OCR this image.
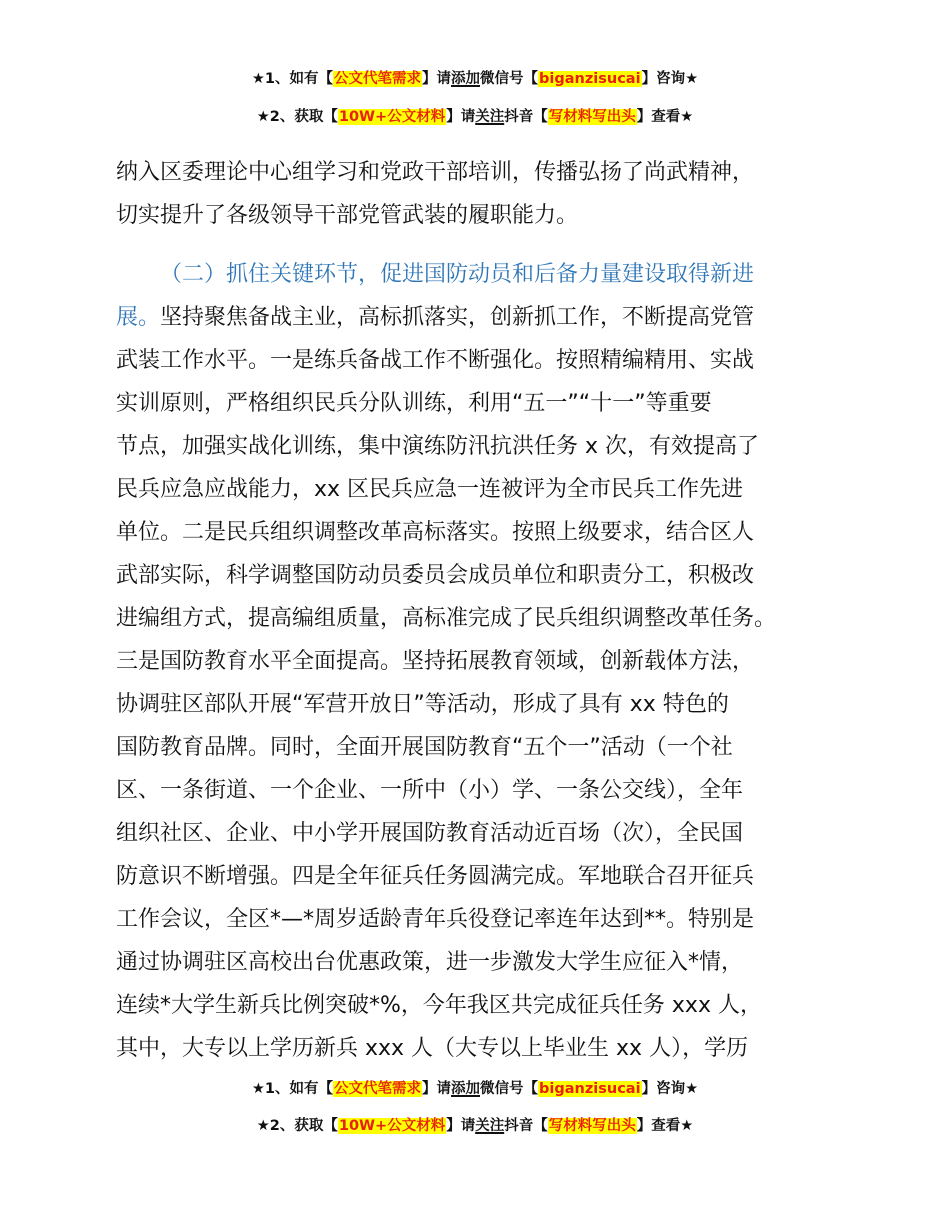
★1、如有【公文代笔需求】请添加微信号【biganzisucai】咨询★
★2、获取【10W+公文材料】请关注抖音【写材料写出头】查看★
纳入区委理论中心组学习和党政干部培训，传播弘扬了尚武精神，
切实提升了各级领导干部党管武装的履职能力。
（二）抓住关键环节，促进国防动员和后备力量建设取得新进
展。坚持聚焦备战主业，高标抓落实，创新抓工作，不断提高党管
武装工作水平。一是练兵备战工作不断强化。按照精编精用、实战
实训原则，严格组织民兵分队训练，利用“五一”“十一”等重要
节点，加强实战化训练，集中演练防汛抗洪任务 x 次，有效提高了
民兵应急应战能力，xx 区民兵应急一连被评为全市民兵工作先进
单位。二是民兵组织调整改革高标落实。按照上级要求，结合区人
武部实际，科学调整国防动员委员会成员单位和职责分工，积极改
进编组方式，提高编组质量，高标准完成了民兵组织调整改革任务。
三是国防教育水平全面提高。坚持拓展教育领域，创新载体方法，
协调驻区部队开展“军营开放日”等活动，形成了具有 xx 特色的
国防教育品牌。同时，全面开展国防教育“五个一”活动（一个社
区、一条街道、一个企业、一所中（小）学、一条公交线），全年
组织社区、企业、中小学开展国防教育活动近百场（次），全民国
防意识不断增强。四是全年征兵任务圆满完成。军地联合召开征兵
工作会议，全区*—*周岁适龄青年兵役登记率连年达到**。特别是
通过协调驻区高校出台优惠政策，进一步激发大学生应征入*情，
连续*大学生新兵比例突破*%，今年我区共完成征兵任务 xxx 人，
其中，大专以上学历新兵 xxx 人（大专以上毕业生 xx 人），学历
★1、如有【公文代笔需求】请添加微信号【biganzisucai】咨询★
★2、获取【10W+公文材料】请关注抖音【写材料写出头】查看★
